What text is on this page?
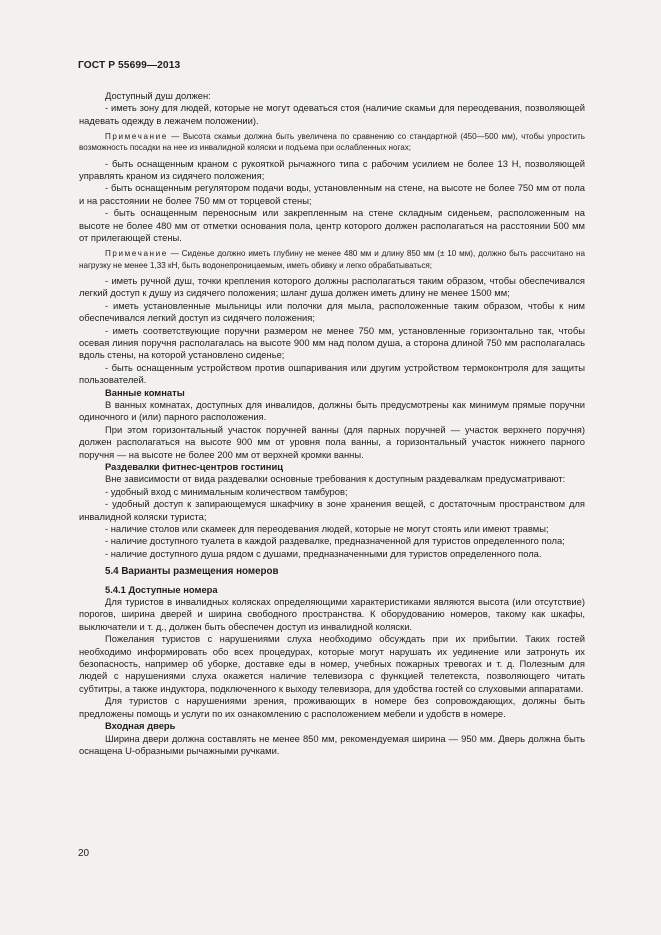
ГОСТ Р 55699—2013

Доступный душ должен:

- иметь зону для людей, которые не могут одеваться стоя (наличие скамьи для переодевания, позволяющей надевать одежду в лежачем положении).

Примечание — Высота скамьи должна быть увеличена по сравнению со стандартной (450—500 мм), чтобы упростить возможность посадки на нее из инвалидной коляски и подъема при ослабленных ногах;

- быть оснащенным краном с рукояткой рычажного типа с рабочим усилием не более 13 Н, позволяющей управлять краном из сидячего положения;

- быть оснащенным регулятором подачи воды, установленным на стене, на высоте не более 750 мм от пола и на расстоянии не более 750 мм от торцевой стены;

- быть оснащенным переносным или закрепленным на стене складным сиденьем, расположенным на высоте не более 480 мм от отметки основания пола, центр которого должен располагаться на расстоянии 500 мм от прилегающей стены.

Примечание — Сиденье должно иметь глубину не менее 480 мм и длину 850 мм (± 10 мм), должно быть рассчитано на нагрузку не менее 1,33 кН, быть водонепроницаемым, иметь обивку и легко обрабатываться;

- иметь ручной душ, точки крепления которого должны располагаться таким образом, чтобы обеспечивался легкий доступ к душу из сидячего положения; шланг душа должен иметь длину не менее 1500 мм;

- иметь установленные мыльницы или полочки для мыла, расположенные таким образом, чтобы к ним обеспечивался легкий доступ из сидячего положения;

- иметь соответствующие поручни размером не менее 750 мм, установленные горизонтально так, чтобы осевая линия поручня располагалась на высоте 900 мм над полом душа, а сторона длиной 750 мм располагалась вдоль стены, на которой установлено сиденье;

- быть оснащенным устройством против ошпаривания или другим устройством термоконтроля для защиты пользователей.

Ванные комнаты

В ванных комнатах, доступных для инвалидов, должны быть предусмотрены как минимум прямые поручни одиночного и (или) парного расположения.

При этом горизонтальный участок поручней ванны (для парных поручней — участок верхнего поручня) должен располагаться на высоте 900 мм от уровня пола ванны, а горизонтальный участок нижнего парного поручня — на высоте не более 200 мм от верхней кромки ванны.

Раздевалки фитнес-центров гостиниц

Вне зависимости от вида раздевалки основные требования к доступным раздевалкам предусматривают:

- удобный вход с минимальным количеством тамбуров;

- удобный доступ к запирающемуся шкафчику в зоне хранения вещей, с достаточным пространством для инвалидной коляски туриста;

- наличие столов или скамеек для переодевания людей, которые не могут стоять или имеют травмы;

- наличие доступного туалета в каждой раздевалке, предназначенной для туристов определенного пола;

- наличие доступного душа рядом с душами, предназначенными для туристов определенного пола.

5.4 Варианты размещения номеров

5.4.1 Доступные номера

Для туристов в инвалидных колясках определяющими характеристиками являются высота (или отсутствие) порогов, ширина дверей и ширина свободного пространства. К оборудованию номеров, такому как шкафы, выключатели и т. д., должен быть обеспечен доступ из инвалидной коляски.

Пожелания туристов с нарушениями слуха необходимо обсуждать при их прибытии. Таких гостей необходимо информировать обо всех процедурах, которые могут нарушать их уединение или затронуть их безопасность, например об уборке, доставке еды в номер, учебных пожарных тревогах и т. д. Полезным для людей с нарушениями слуха окажется наличие телевизора с функцией телетекста, позволяющего читать субтитры, а также индуктора, подключенного к выходу телевизора, для удобства гостей со слуховыми аппаратами.

Для туристов с нарушениями зрения, проживающих в номере без сопровождающих, должны быть предложены помощь и услуги по их ознакомлению с расположением мебели и удобств в номере.

Входная дверь

Ширина двери должна составлять не менее 850 мм, рекомендуемая ширина — 950 мм. Дверь должна быть оснащена U-образными рычажными ручками.

20
